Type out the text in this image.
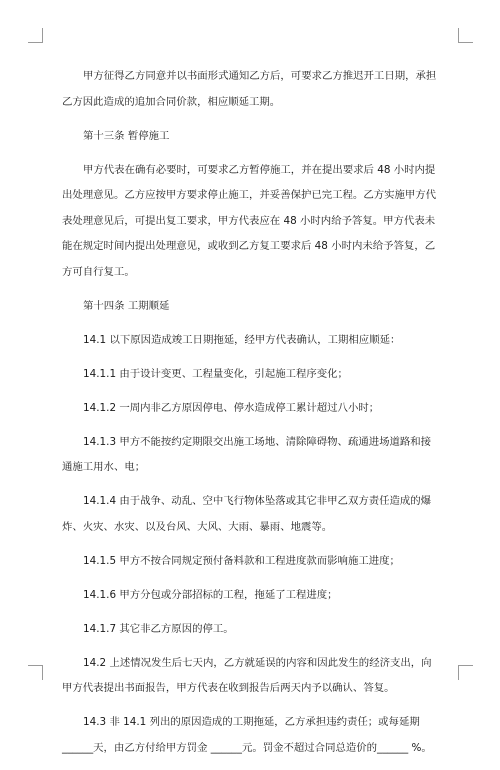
甲方征得乙方同意并以书面形式通知乙方后，可要求乙方推迟开工日期，承担乙方因此造成的追加合同价款，相应顺延工期。

第十三条 暂停施工

甲方代表在确有必要时，可要求乙方暂停施工，并在提出要求后 48 小时内提出处理意见。乙方应按甲方要求停止施工，并妥善保护已完工程。乙方实施甲方代表处理意见后，可提出复工要求，甲方代表应在 48 小时内给予答复。甲方代表未能在规定时间内提出处理意见，或收到乙方复工要求后 48 小时内未给予答复，乙方可自行复工。

第十四条 工期顺延

14.1 以下原因造成竣工日期拖延，经甲方代表确认，工期相应顺延：

14.1.1 由于设计变更、工程量变化，引起施工程序变化；

14.1.2 一周内非乙方原因停电、停水造成停工累计超过八小时；

14.1.3 甲方不能按约定期限交出施工场地、清除障碍物、疏通进场道路和接通施工用水、电；

14.1.4 由于战争、动乱、空中飞行物体坠落或其它非甲乙双方责任造成的爆炸、火灾、水灾、以及台风、大风、大雨、暴雨、地震等。

14.1.5 甲方不按合同规定预付备料款和工程进度款而影响施工进度；

14.1.6 甲方分包或分部招标的工程，拖延了工程进度；

14.1.7 其它非乙方原因的停工。

14.2 上述情况发生后七天内，乙方就延误的内容和因此发生的经济支出，向甲方代表提出书面报告，甲方代表在收到报告后两天内予以确认、答复。

14.3 非 14.1 列出的原因造成的工期拖延，乙方承担违约责任；或每延期 ______天，由乙方付给甲方罚金 ______元。罚金不超过合同总造价的______ %。
